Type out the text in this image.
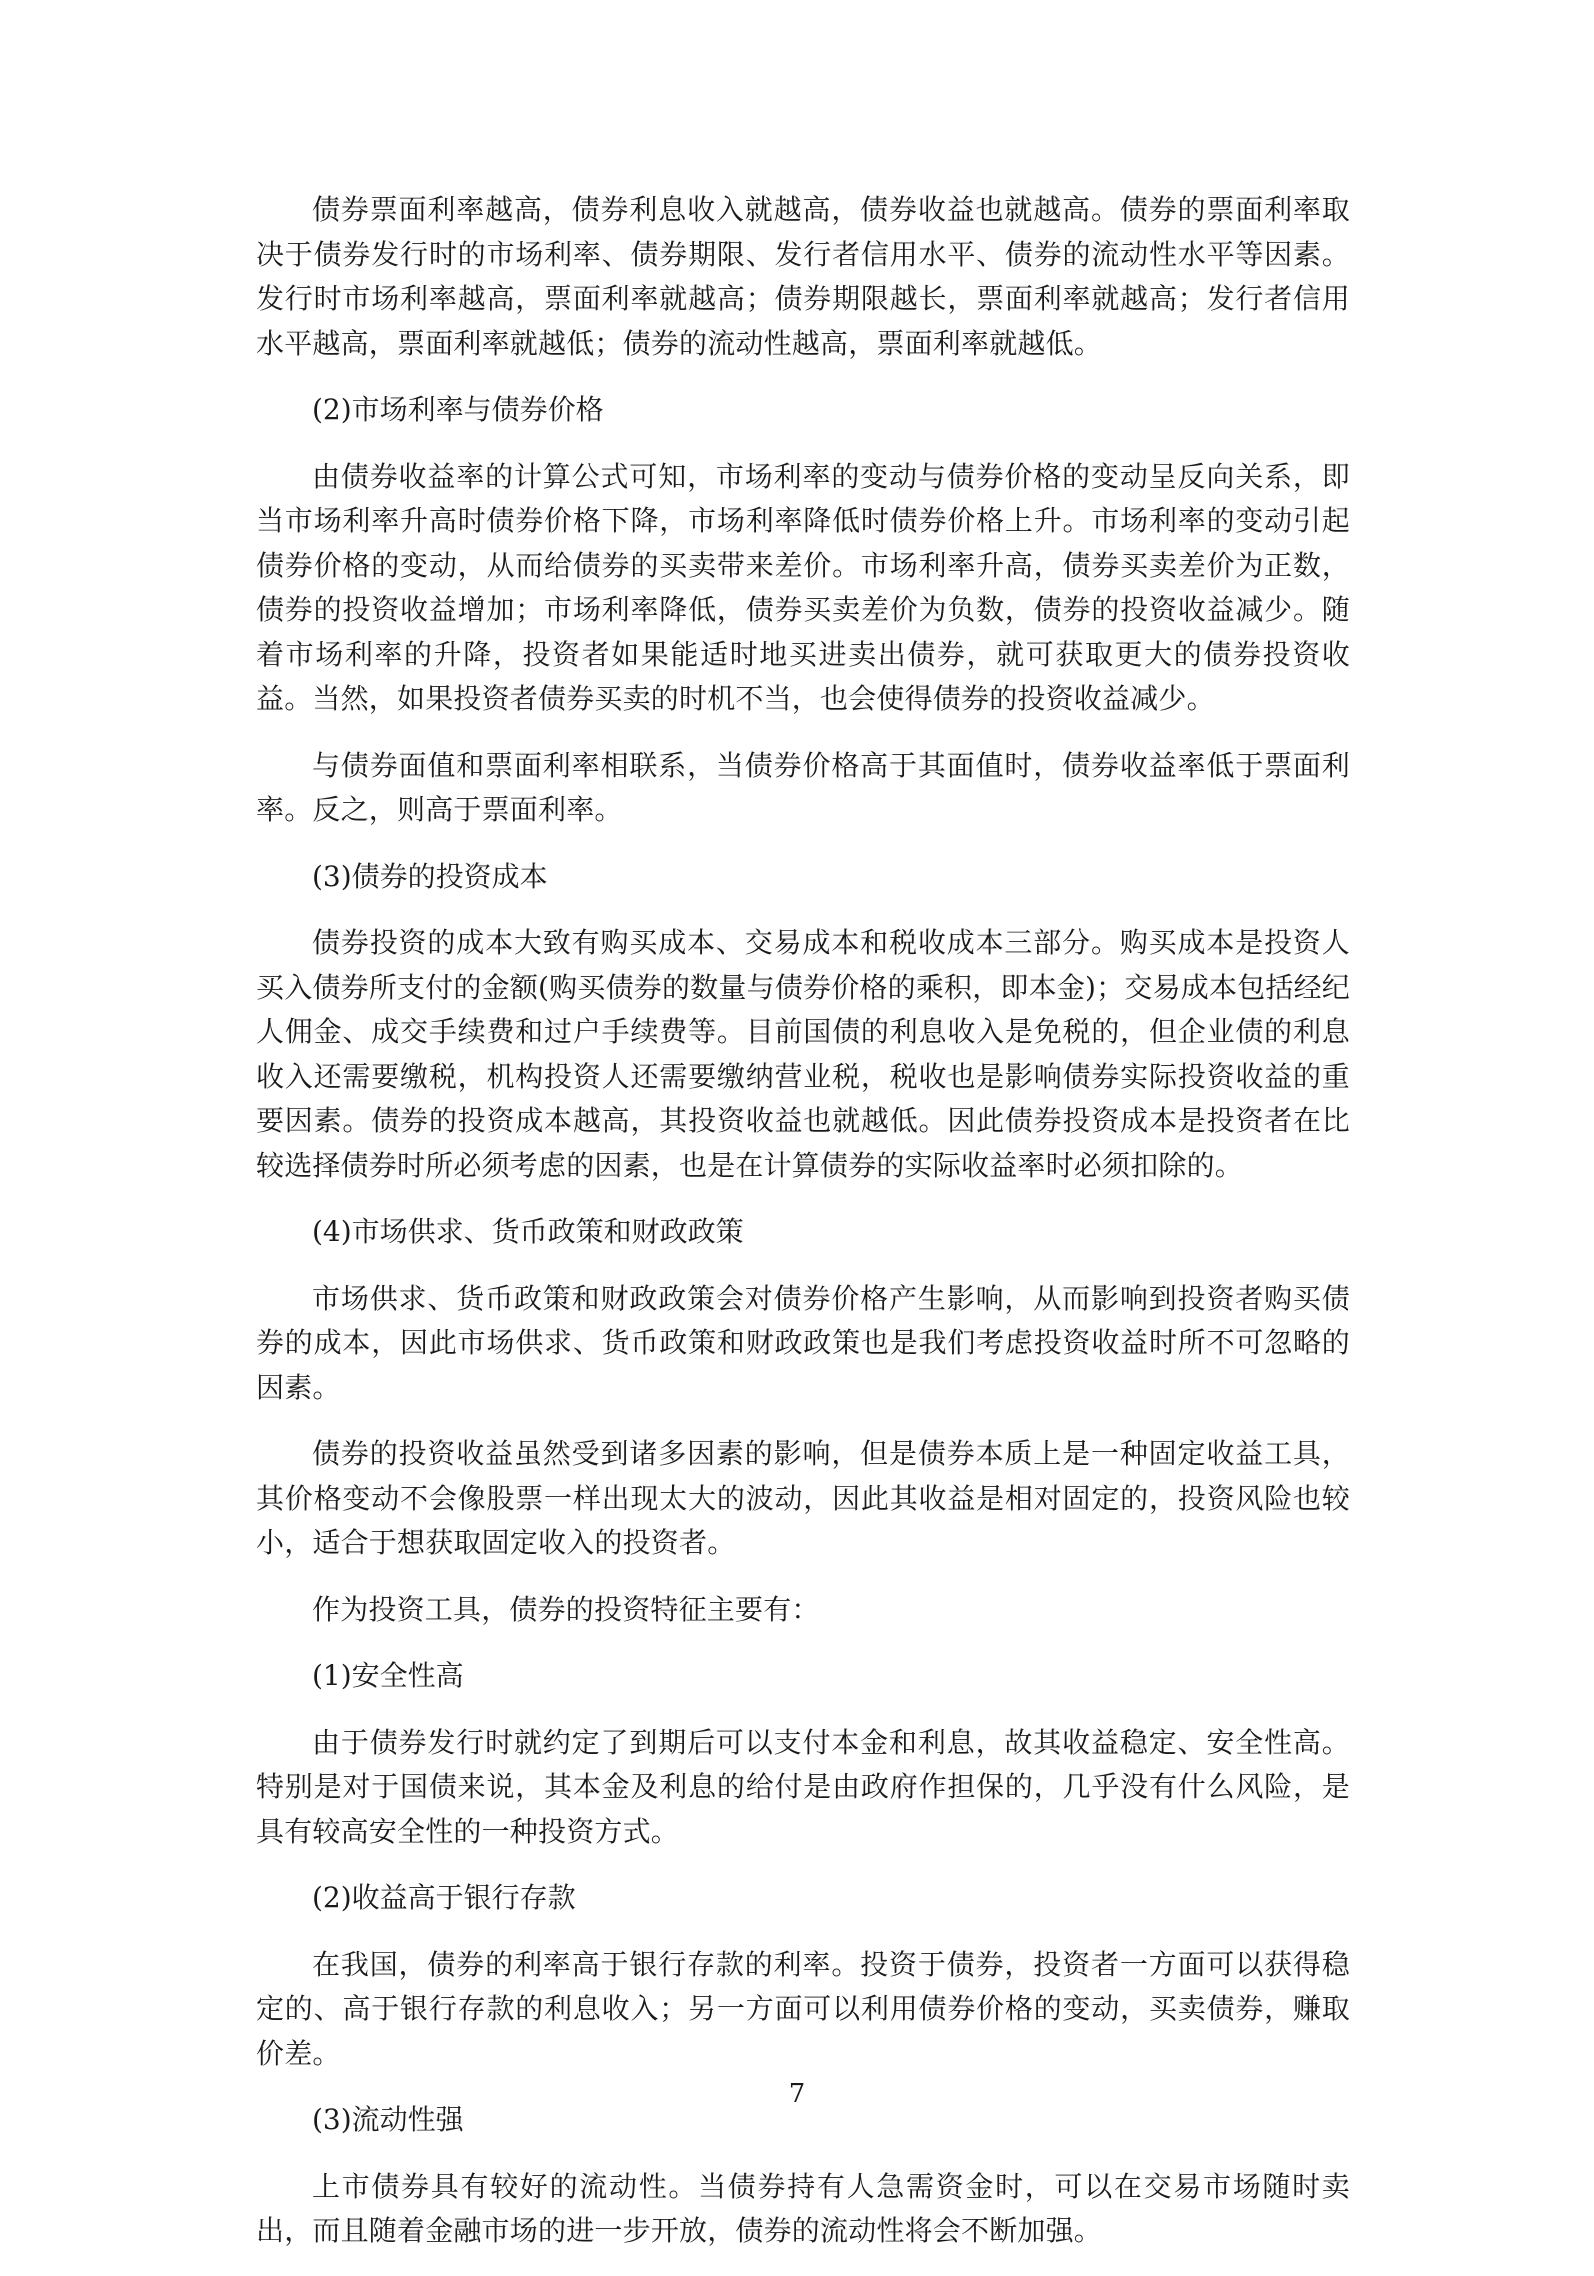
债券票面利率越高，债券利息收入就越高，债券收益也就越高。债券的票面利率取决于债券发行时的市场利率、债券期限、发行者信用水平、债券的流动性水平等因素。发行时市场利率越高，票面利率就越高；债券期限越长，票面利率就越高；发行者信用水平越高，票面利率就越低；债券的流动性越高，票面利率就越低。

(2)市场利率与债券价格

由债券收益率的计算公式可知，市场利率的变动与债券价格的变动呈反向关系，即当市场利率升高时债券价格下降，市场利率降低时债券价格上升。市场利率的变动引起债券价格的变动，从而给债券的买卖带来差价。市场利率升高，债券买卖差价为正数，债券的投资收益增加；市场利率降低，债券买卖差价为负数，债券的投资收益减少。随着市场利率的升降，投资者如果能适时地买进卖出债券，就可获取更大的债券投资收益。当然，如果投资者债券买卖的时机不当，也会使得债券的投资收益减少。

与债券面值和票面利率相联系，当债券价格高于其面值时，债券收益率低于票面利率。反之，则高于票面利率。

(3)债券的投资成本

债券投资的成本大致有购买成本、交易成本和税收成本三部分。购买成本是投资人买入债券所支付的金额(购买债券的数量与债券价格的乘积，即本金)；交易成本包括经纪人佣金、成交手续费和过户手续费等。目前国债的利息收入是免税的，但企业债的利息收入还需要缴税，机构投资人还需要缴纳营业税，税收也是影响债券实际投资收益的重要因素。债券的投资成本越高，其投资收益也就越低。因此债券投资成本是投资者在比较选择债券时所必须考虑的因素，也是在计算债券的实际收益率时必须扣除的。

(4)市场供求、货币政策和财政政策

市场供求、货币政策和财政政策会对债券价格产生影响，从而影响到投资者购买债券的成本，因此市场供求、货币政策和财政政策也是我们考虑投资收益时所不可忽略的因素。

债券的投资收益虽然受到诸多因素的影响，但是债券本质上是一种固定收益工具，其价格变动不会像股票一样出现太大的波动，因此其收益是相对固定的，投资风险也较小，适合于想获取固定收入的投资者。

作为投资工具，债券的投资特征主要有：

(1)安全性高

由于债券发行时就约定了到期后可以支付本金和利息，故其收益稳定、安全性高。特别是对于国债来说，其本金及利息的给付是由政府作担保的，几乎没有什么风险，是具有较高安全性的一种投资方式。

(2)收益高于银行存款

在我国，债券的利率高于银行存款的利率。投资于债券，投资者一方面可以获得稳定的、高于银行存款的利息收入；另一方面可以利用债券价格的变动，买卖债券，赚取价差。

(3)流动性强

上市债券具有较好的流动性。当债券持有人急需资金时，可以在交易市场随时卖出，而且随着金融市场的进一步开放，债券的流动性将会不断加强。

7
